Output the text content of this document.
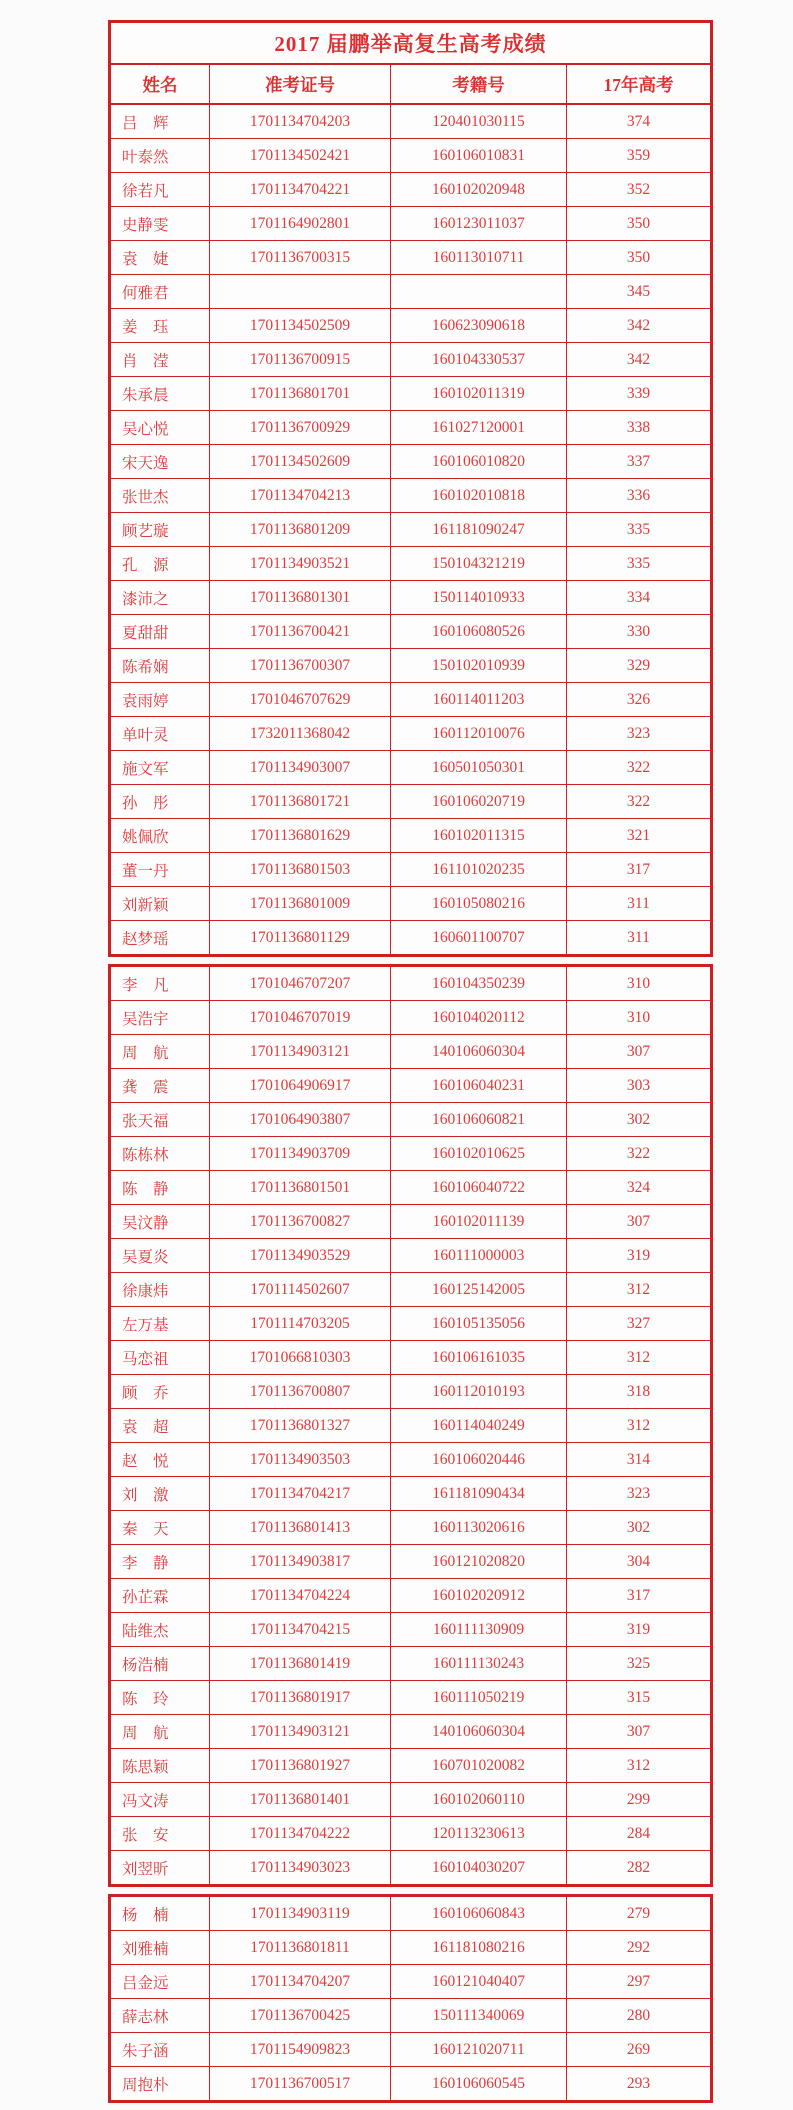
2017 届鹏举高复生高考成绩			
姓名	准考证号	考籍号	17年高考
吕　辉	1701134704203	120401030115	374
叶泰然	1701134502421	160106010831	359
徐若凡	1701134704221	160102020948	352
史静雯	1701164902801	160123011037	350
袁　婕	1701136700315	160113010711	350
何雅君			345
姜　珏	1701134502509	160623090618	342
肖　滢	1701136700915	160104330537	342
朱承晨	1701136801701	160102011319	339
吴心悦	1701136700929	161027120001	338
宋天逸	1701134502609	160106010820	337
张世杰	1701134704213	160102010818	336
顾艺璇	1701136801209	161181090247	335
孔　源	1701134903521	150104321219	335
漆沛之	1701136801301	150114010933	334
夏甜甜	1701136700421	160106080526	330
陈希娴	1701136700307	150102010939	329
袁雨婷	1701046707629	160114011203	326
单叶灵	1732011368042	160112010076	323
施文军	1701134903007	160501050301	322
孙　彤	1701136801721	160106020719	322
姚佩欣	1701136801629	160102011315	321
董一丹	1701136801503	161101020235	317
刘新颖	1701136801009	160105080216	311
赵梦瑶	1701136801129	160601100707	311
李　凡	1701046707207	160104350239	310
吴浩宇	1701046707019	160104020112	310
周　航	1701134903121	140106060304	307
龚　震	1701064906917	160106040231	303
张天福	1701064903807	160106060821	302
陈栋林	1701134903709	160102010625	322
陈　静	1701136801501	160106040722	324
吴汶静	1701136700827	160102011139	307
吴夏炎	1701134903529	160111000003	319
徐康炜	1701114502607	160125142005	312
左万基	1701114703205	160105135056	327
马恋祖	1701066810303	160106161035	312
顾　乔	1701136700807	160112010193	318
袁　超	1701136801327	160114040249	312
赵　悦	1701134903503	160106020446	314
刘　激	1701134704217	161181090434	323
秦　天	1701136801413	160113020616	302
李　静	1701134903817	160121020820	304
孙芷霖	1701134704224	160102020912	317
陆维杰	1701134704215	160111130909	319
杨浩楠	1701136801419	160111130243	325
陈　玲	1701136801917	160111050219	315
周　航	1701134903121	140106060304	307
陈思颖	1701136801927	160701020082	312
冯文涛	1701136801401	160102060110	299
张　安	1701134704222	120113230613	284
刘翌昕	1701134903023	160104030207	282
杨　楠	1701134903119	160106060843	279
刘雅楠	1701136801811	161181080216	292
吕金远	1701134704207	160121040407	297
薛志林	1701136700425	150111340069	280
朱子涵	1701154909823	160121020711	269
周抱朴	1701136700517	160106060545	293
